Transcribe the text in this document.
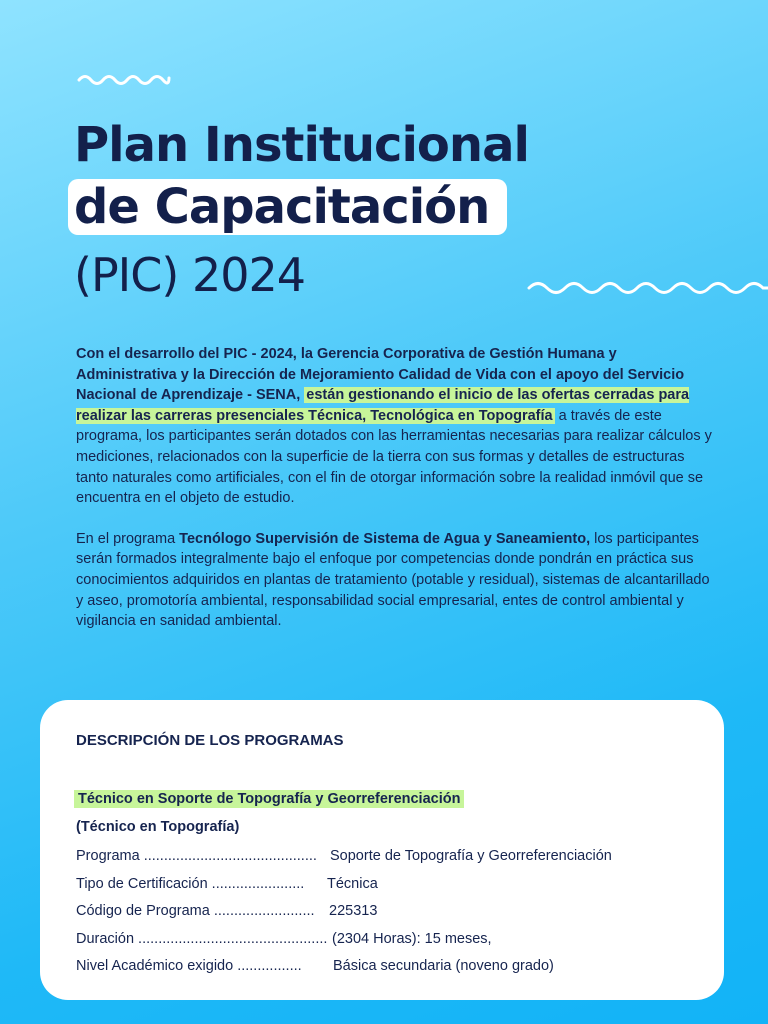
Plan Institucional
de Capacitación
(PIC) 2024

Con el desarrollo del PIC - 2024, la Gerencia Corporativa de Gestión Humana y Administrativa y la Dirección de Mejoramiento Calidad de Vida con el apoyo del Servicio Nacional de Aprendizaje - SENA, están gestionando el inicio de las ofertas cerradas para realizar las carreras presenciales Técnica, Tecnológica en Topografía a través de este programa, los participantes serán dotados con las herramientas necesarias para realizar cálculos y mediciones, relacionados con la superficie de la tierra con sus formas y detalles de estructuras tanto naturales como artificiales, con el fin de otorgar información sobre la realidad inmóvil que se encuentra en el objeto de estudio.

En el programa Tecnólogo Supervisión de Sistema de Agua y Saneamiento, los participantes serán formados integralmente bajo el enfoque por competencias donde pondrán en práctica sus conocimientos adquiridos en plantas de tratamiento (potable y residual), sistemas de alcantarillado y aseo, promotoría ambiental, responsabilidad social empresarial, entes de control ambiental y vigilancia en sanidad ambiental.

DESCRIPCIÓN DE LOS PROGRAMAS
Técnico en Soporte de Topografía y Georreferenciación
(Técnico en Topografía)
Programa ........................................... Soporte de Topografía y Georreferenciación
Tipo de Certificación ....................... Técnica
Código de Programa ......................... 225313
Duración ............................................... (2304 Horas): 15 meses,
Nivel Académico exigido ................ Básica secundaria (noveno grado)
